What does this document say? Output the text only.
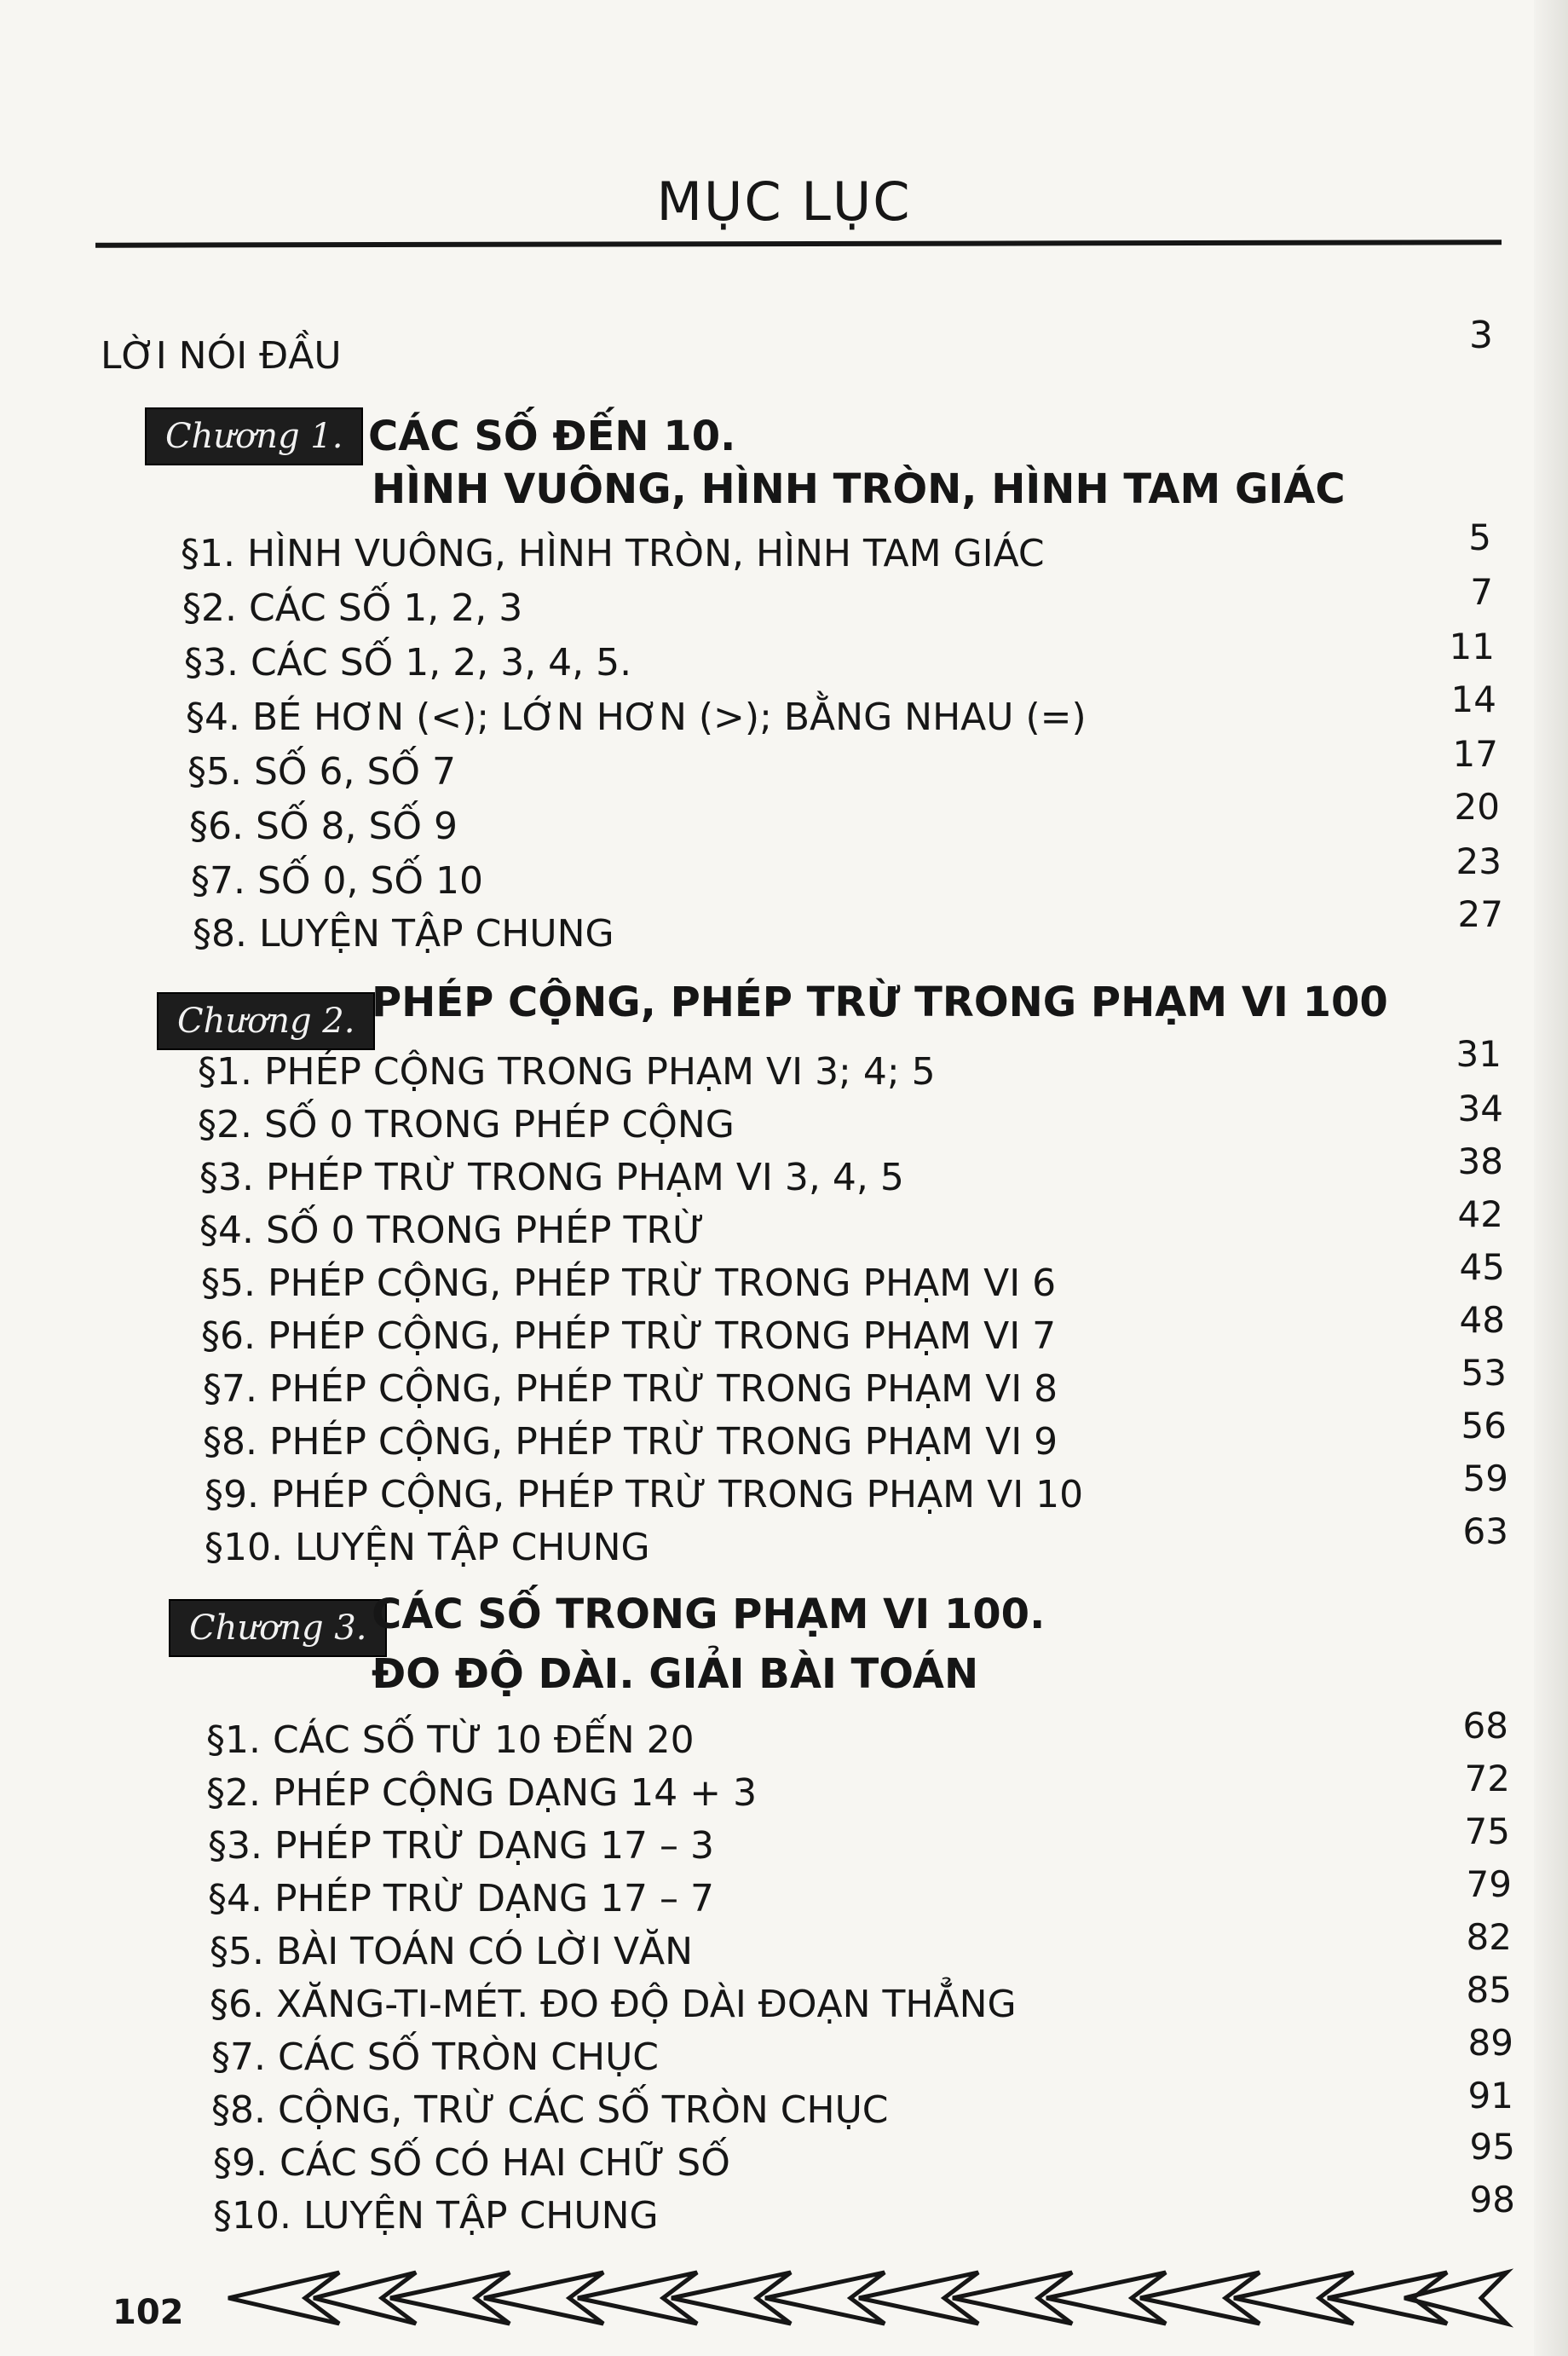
MỤC LỤC
LỜI NÓI ĐẦU	3
Chương 1. CÁC SỐ ĐẾN 10.
HÌNH VUÔNG, HÌNH TRÒN, HÌNH TAM GIÁC
§1. HÌNH VUÔNG, HÌNH TRÒN, HÌNH TAM GIÁC	5
§2. CÁC SỐ 1, 2, 3	7
§3. CÁC SỐ 1, 2, 3, 4, 5.	11
§4. BÉ HƠN (<); LỚN HƠN (>); BẰNG NHAU (=)	14
§5. SỐ 6, SỐ 7	17
§6. SỐ 8, SỐ 9	20
§7. SỐ 0, SỐ 10	23
§8. LUYỆN TẬP CHUNG	27
Chương 2. PHÉP CỘNG, PHÉP TRỪ TRONG PHẠM VI 100
§1. PHÉP CỘNG TRONG PHẠM VI 3; 4; 5	31
§2. SỐ 0 TRONG PHÉP CỘNG	34
§3. PHÉP TRỪ TRONG PHẠM VI 3, 4, 5	38
§4. SỐ 0 TRONG PHÉP TRỪ	42
§5. PHÉP CỘNG, PHÉP TRỪ TRONG PHẠM VI 6	45
§6. PHÉP CỘNG, PHÉP TRỪ TRONG PHẠM VI 7	48
§7. PHÉP CỘNG, PHÉP TRỪ TRONG PHẠM VI 8	53
§8. PHÉP CỘNG, PHÉP TRỪ TRONG PHẠM VI 9	56
§9. PHÉP CỘNG, PHÉP TRỪ TRONG PHẠM VI 10	59
§10. LUYỆN TẬP CHUNG	63
Chương 3. CÁC SỐ TRONG PHẠM VI 100.
ĐO ĐỘ DÀI. GIẢI BÀI TOÁN
§1. CÁC SỐ TỪ 10 ĐẾN 20	68
§2. PHÉP CỘNG DẠNG 14 + 3	72
§3. PHÉP TRỪ DẠNG 17 – 3	75
§4. PHÉP TRỪ DẠNG 17 – 7	79
§5. BÀI TOÁN CÓ LỜI VĂN	82
§6. XĂNG-TI-MÉT. ĐO ĐỘ DÀI ĐOẠN THẲNG	85
§7. CÁC SỐ TRÒN CHỤC	89
§8. CỘNG, TRỪ CÁC SỐ TRÒN CHỤC	91
§9. CÁC SỐ CÓ HAI CHỮ SỐ	95
§10. LUYỆN TẬP CHUNG	98
102
